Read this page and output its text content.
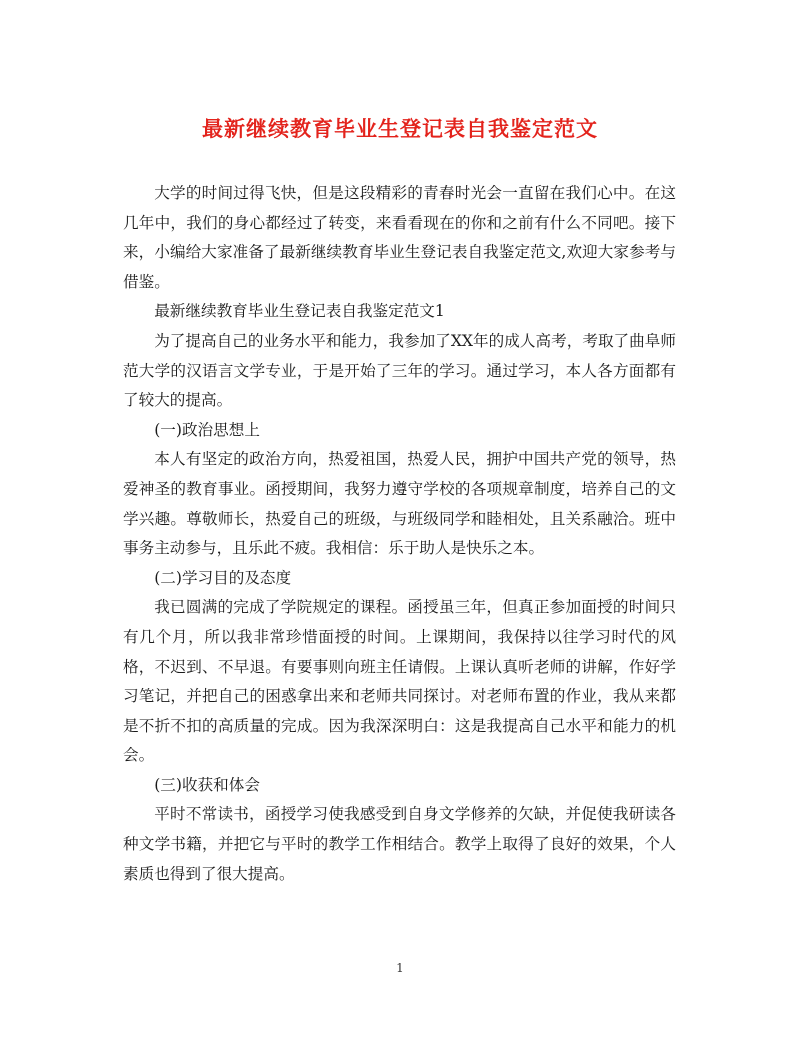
最新继续教育毕业生登记表自我鉴定范文

大学的时间过得飞快，但是这段精彩的青春时光会一直留在我们心中。在这几年中，我们的身心都经过了转变，来看看现在的你和之前有什么不同吧。接下来，小编给大家准备了最新继续教育毕业生登记表自我鉴定范文,欢迎大家参考与借鉴。

最新继续教育毕业生登记表自我鉴定范文1

为了提高自己的业务水平和能力，我参加了XX年的成人高考，考取了曲阜师范大学的汉语言文学专业，于是开始了三年的学习。通过学习，本人各方面都有了较大的提高。

(一)政治思想上

本人有坚定的政治方向，热爱祖国，热爱人民，拥护中国共产党的领导，热爱神圣的教育事业。函授期间，我努力遵守学校的各项规章制度，培养自己的文学兴趣。尊敬师长，热爱自己的班级，与班级同学和睦相处，且关系融洽。班中事务主动参与，且乐此不疲。我相信：乐于助人是快乐之本。

(二)学习目的及态度

我已圆满的完成了学院规定的课程。函授虽三年，但真正参加面授的时间只有几个月，所以我非常珍惜面授的时间。上课期间，我保持以往学习时代的风格，不迟到、不早退。有要事则向班主任请假。上课认真听老师的讲解，作好学习笔记，并把自己的困惑拿出来和老师共同探讨。对老师布置的作业，我从来都是不折不扣的高质量的完成。因为我深深明白：这是我提高自己水平和能力的机会。

(三)收获和体会

平时不常读书，函授学习使我感受到自身文学修养的欠缺，并促使我研读各种文学书籍，并把它与平时的教学工作相结合。教学上取得了良好的效果，个人素质也得到了很大提高。

1
